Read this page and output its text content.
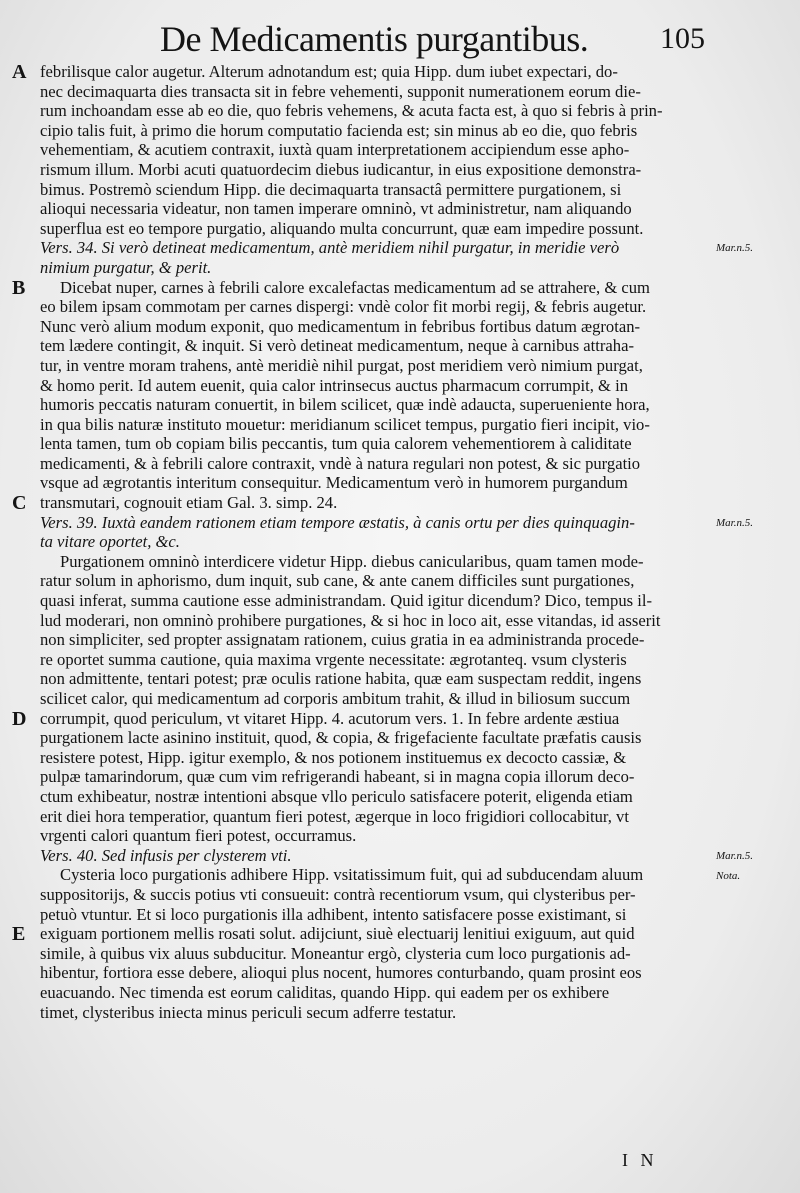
De Medicamentis purgantibus. 105
febrilisque calor augetur. Alterum adnotandum est; quia Hipp. dum iubet expectari, do-
nec decimaquarta dies transacta sit in febre vehementi, supponit numerationem eorum die-
rum inchoandam esse ab eo die, quo febris vehemens, & acuta facta est, à quo si febris à prin-
cipio talis fuit, à primo die horum computatio facienda est; sin minus ab eo die, quo febris
vehementiam, & acutiem contraxit, iuxtà quam interpretationem accipiendum esse apho-
rismum illum. Morbi acuti quatuordecim diebus iudicantur, in eius expositione demonstra-
bimus. Postremò sciendum Hipp. die decimaquarta transactâ permittere purgationem, si
alioqui necessaria videatur, non tamen imperare omninò, vt administretur, nam aliquando
superflua est eo tempore purgatio, aliquando multa concurrunt, quæ eam impedire possunt.
Vers. 34. Si verò detineat medicamentum, antè meridiem nihil purgatur, in meridie verò
nimium purgatur, & perit.
Dicebat nuper, carnes à febrili calore excalefactas medicamentum ad se attrahere, & cum
eo bilem ipsam commotam per carnes dispergi: vndè color fit morbi regij, & febris augetur.
Nunc verò alium modum exponit, quo medicamentum in febribus fortibus datum ægrotan-
tem lædere contingit, & inquit. Si verò detineat medicamentum, neque à carnibus attraha-
tur, in ventre moram trahens, antè meridiè nihil purgat, post meridiem verò nimium purgat,
& homo perit. Id autem euenit, quia calor intrinsecus auctus pharmacum corrumpit, & in
humoris peccatis naturam conuertit, in bilem scilicet, quæ indè adaucta, superueniente hora,
in qua bilis naturæ instituto mouetur: meridianum scilicet tempus, purgatio fieri incipit, vio-
lenta tamen, tum ob copiam bilis peccantis, tum quia calorem vehementiorem à caliditate
medicamenti, & à febrili calore contraxit, vndè à natura regulari non potest, & sic purgatio
vsque ad ægrotantis interitum consequitur. Medicamentum verò in humorem purgandum
transmutari, cognouit etiam Gal. 3. simp. 24.
Vers. 39. Iuxtà eandem rationem etiam tempore æstatis, à canis ortu per dies quinquagin-
ta vitare oportet, &c.
Purgationem omninò interdicere videtur Hipp. diebus canicularibus, quam tamen mode-
ratur solum in aphorismo, dum inquit, sub cane, & ante canem difficiles sunt purgationes,
quasi inferat, summa cautione esse administrandam. Quid igitur dicendum? Dico, tempus il-
lud moderari, non omninò prohibere purgationes, & si hoc in loco ait, esse vitandas, id asserit
non simpliciter, sed propter assignatam rationem, cuius gratia in ea administranda procede-
re oportet summa cautione, quia maxima vrgente necessitate: ægrotanteq. vsum clysteris
non admittente, tentari potest; præ oculis ratione habita, quæ eam suspectam reddit, ingens
scilicet calor, qui medicamentum ad corporis ambitum trahit, & illud in biliosum succum
corrumpit, quod periculum, vt vitaret Hipp. 4. acutorum vers. 1. In febre ardente æstiua
purgationem lacte asinino instituit, quod, & copia, & frigefaciente facultate præfatis causis
resistere potest, Hipp. igitur exemplo, & nos potionem instituemus ex decocto cassiæ, &
pulpæ tamarindorum, quæ cum vim refrigerandi habeant, si in magna copia illorum deco-
ctum exhibeatur, nostræ intentioni absque vllo periculo satisfacere poterit, eligenda etiam
erit diei hora temperatior, quantum fieri potest, ægerque in loco frigidiori collocabitur, vt
vrgenti calori quantum fieri potest, occurramus.
Vers. 40. Sed infusis per clysterem vti.
Cysteria loco purgationis adhibere Hipp. vsitatissimum fuit, qui ad subducendam aluum
suppositorijs, & succis potius vti consueuit: contrà recentiorum vsum, qui clysteribus per-
petuò vtuntur. Et si loco purgationis illa adhibent, intento satisfacere posse existimant, si
exiguam portionem mellis rosati solut. adijciunt, siuè electuarij lenitiui exiguum, aut quid
simile, à quibus vix aluus subducitur. Moneantur ergò, clysteria cum loco purgationis ad-
hibentur, fortiora esse debere, alioqui plus nocent, humores conturbando, quam prosint eos
euacuando. Nec timenda est eorum caliditas, quando Hipp. qui eadem per os exhibere
timet, clysteribus iniecta minus periculi secum adferre testatur.
A
B
C
D
E
Mar.n.5.
Mar.n.5.
Mar.n.5.
Nota.
I N
